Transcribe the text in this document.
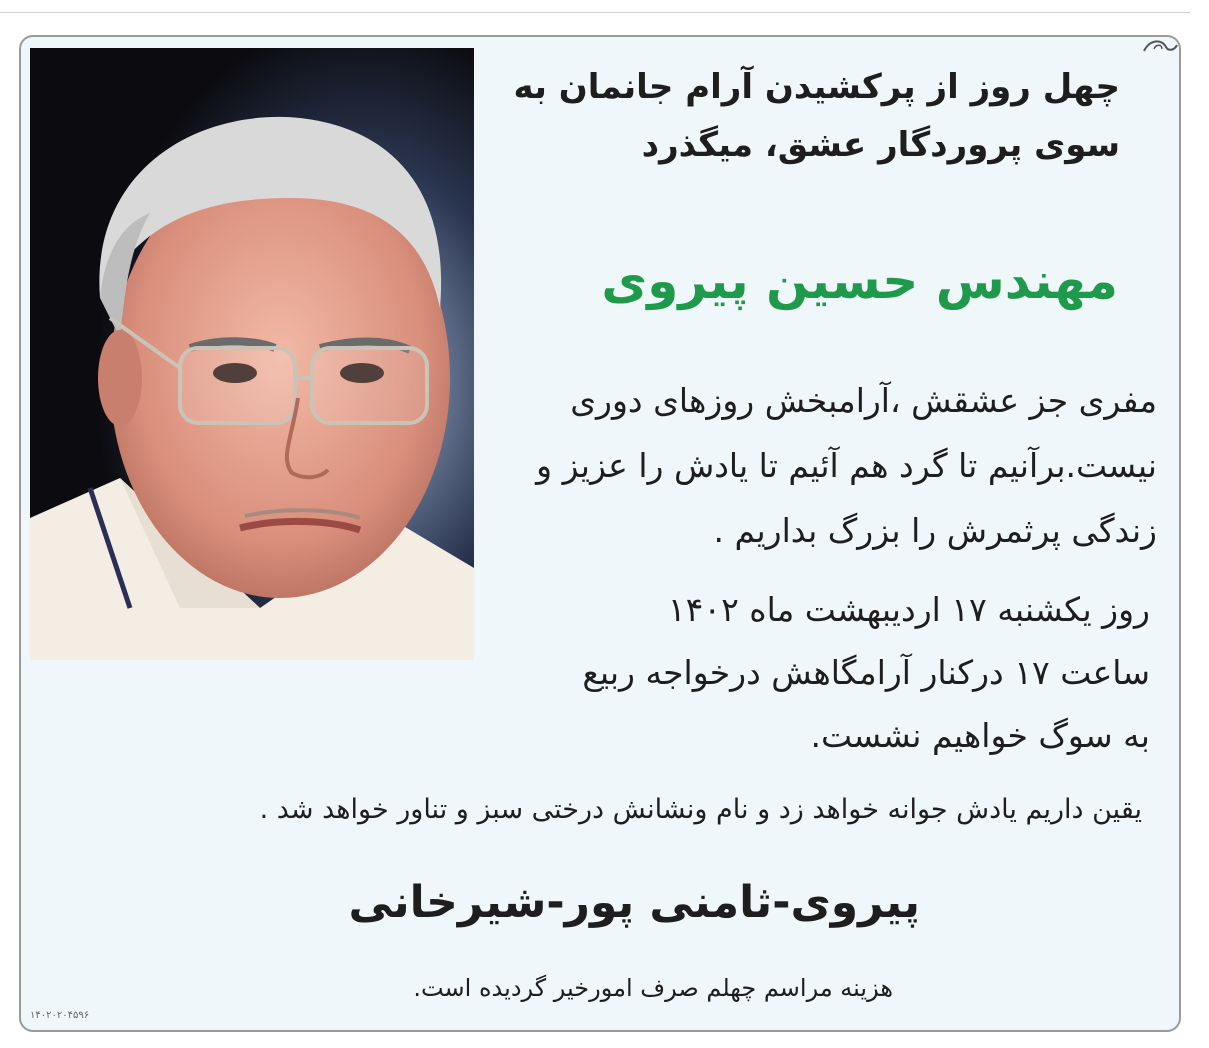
چهل روز از پرکشیدن آرام جانمان به سوی پروردگار عشق، میگذرد
مهندس حسین پیروی
مفری جز عشقش ،آرامبخش روزهای دوری نیست.برآنیم تا گرد هم آئیم تا یادش را عزیز و زندگی پرثمرش را بزرگ بداریم .
روز یکشنبه ۱۷ اردیبهشت ماه ۱۴۰۲
ساعت ۱۷ درکنار آرامگاهش درخواجه ربیع
به سوگ خواهیم نشست.
یقین داریم یادش جوانه خواهد زد و نام ونشانش درختی سبز و تناور خواهد شد .
پیروی-ثامنی پور-شیرخانی
هزینه مراسم چهلم صرف امورخیر گردیده است.
۱۴۰۲۰۲۰۴۵۹۶
